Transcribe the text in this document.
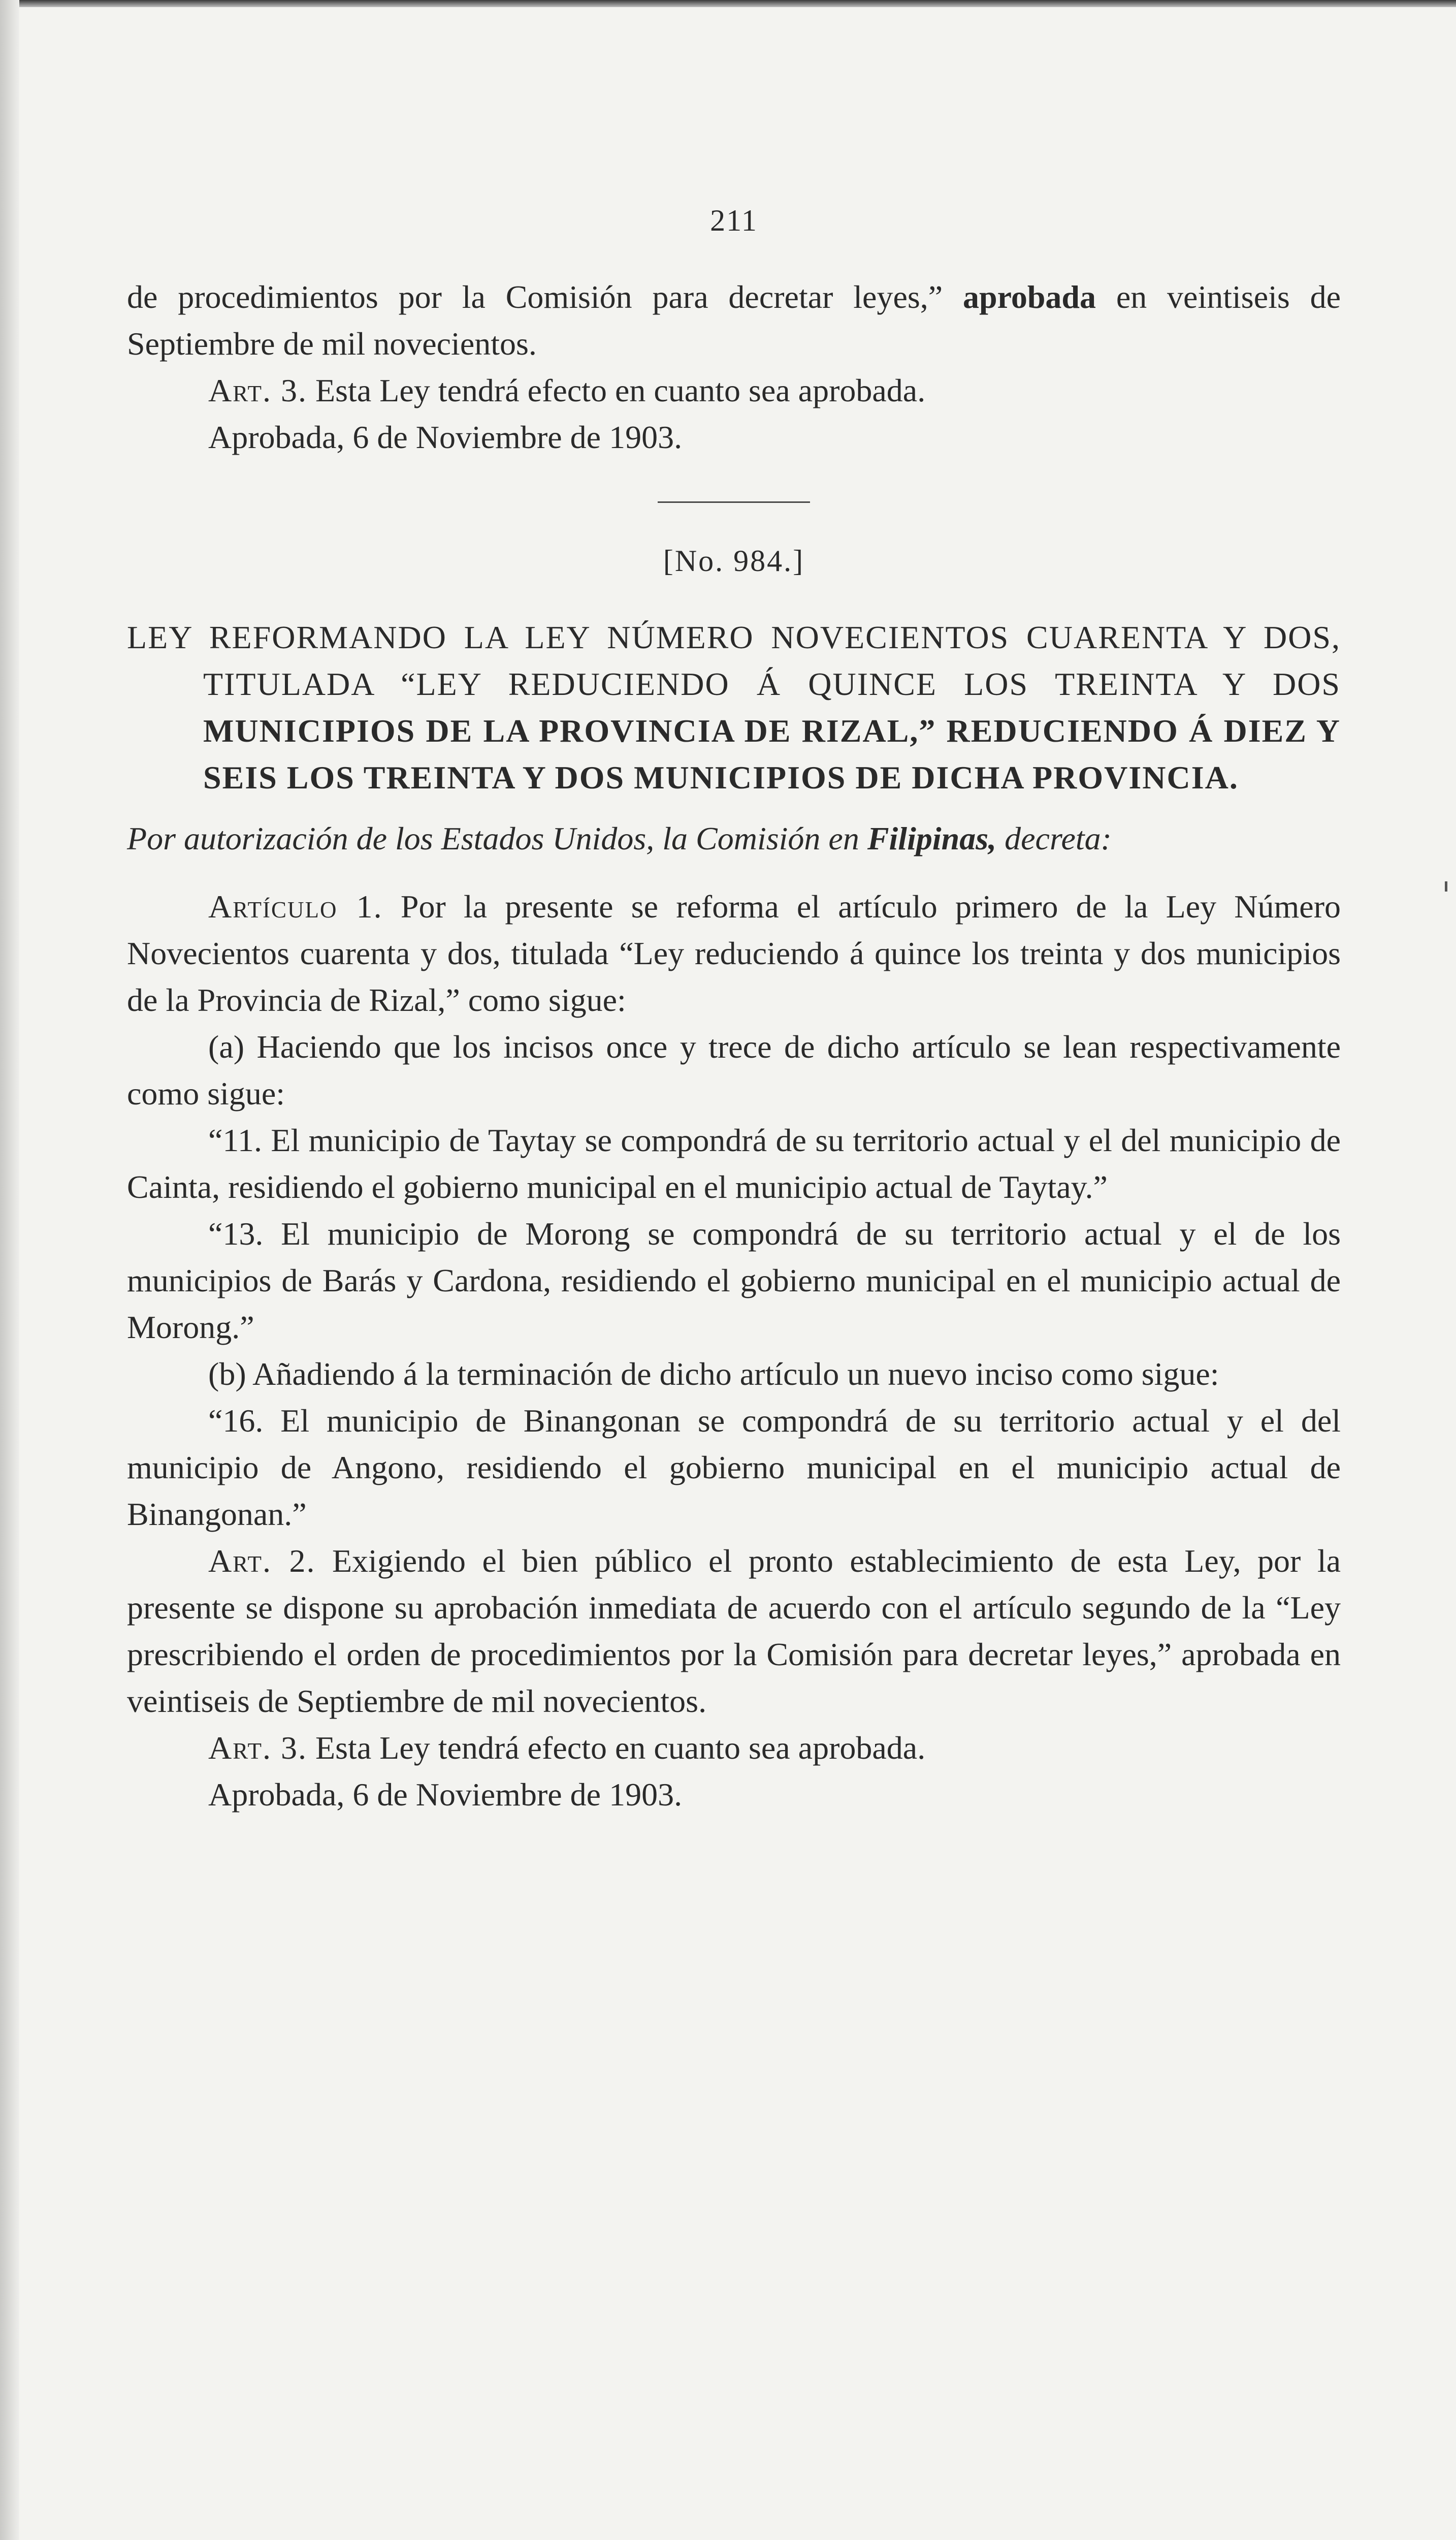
211

de procedimientos por la Comisión para decretar leyes,” aprobada en veintiseis de Septiembre de mil novecientos.

Art. 3. Esta Ley tendrá efecto en cuanto sea aprobada.

Aprobada, 6 de Noviembre de 1903.

[No. 984.]
LEY REFORMANDO LA LEY NÚMERO NOVECIENTOS CUARENTA Y DOS, TITULADA “LEY REDUCIENDO Á QUINCE LOS TREINTA Y DOS MUNICIPIOS DE LA PROVINCIA DE RIZAL,” REDUCIENDO Á DIEZ Y SEIS LOS TREINTA Y DOS MUNICIPIOS DE DICHA PROVINCIA.

Por autorización de los Estados Unidos, la Comisión en Filipinas, decreta:

Artículo 1. Por la presente se reforma el artículo primero de la Ley Número Novecientos cuarenta y dos, titulada “Ley reduciendo á quince los treinta y dos municipios de la Provincia de Rizal,” como sigue:

(a) Haciendo que los incisos once y trece de dicho artículo se lean respectivamente como sigue:

“11. El municipio de Taytay se compondrá de su territorio actual y el del municipio de Cainta, residiendo el gobierno municipal en el municipio actual de Taytay.”

“13. El municipio de Morong se compondrá de su territorio actual y el de los municipios de Barás y Cardona, residiendo el gobierno municipal en el municipio actual de Morong.”

(b) Añadiendo á la terminación de dicho artículo un nuevo inciso como sigue:

“16. El municipio de Binangonan se compondrá de su territorio actual y el del municipio de Angono, residiendo el gobierno municipal en el municipio actual de Binangonan.”

Art. 2. Exigiendo el bien público el pronto establecimiento de esta Ley, por la presente se dispone su aprobación inmediata de acuerdo con el artículo segundo de la “Ley prescribiendo el orden de procedimientos por la Comisión para decretar leyes,” aprobada en veintiseis de Septiembre de mil novecientos.

Art. 3. Esta Ley tendrá efecto en cuanto sea aprobada.

Aprobada, 6 de Noviembre de 1903.
